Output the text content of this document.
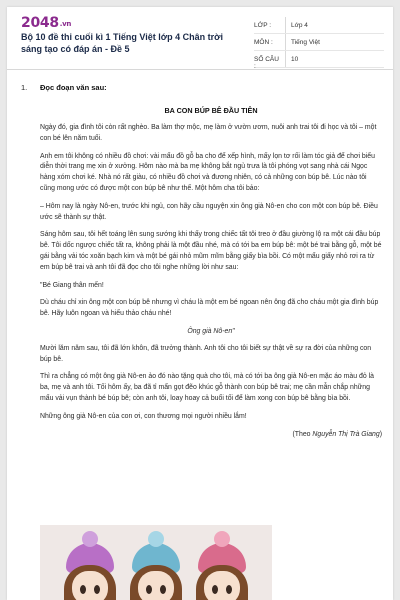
2048.vn
Bộ 10 đề thi cuối kì 1 Tiếng Việt lớp 4 Chân trời sáng tạo có đáp án - Đề 5
LỚP :	Lớp 4
MÔN :	Tiếng Việt
SỐ CÂU :
10
1. Đọc đoạn văn sau:
BA CON BÚP BÊ ĐẦU TIÊN

Ngày đó, gia đình tôi còn rất nghèo. Ba làm thợ mộc, mẹ làm ở vườn ươm, nuôi anh trai tôi đi học và tôi – một con bé lên năm tuổi.

Anh em tôi không có nhiều đồ chơi: vài mẩu đồ gỗ ba cho để xếp hình, mấy lọn tơ rối làm tóc giả để chơi biểu diễn thời trang mẹ xin ở xưởng. Hôm nào mà ba mẹ không bắt ngủ trưa là tôi phóng vọt sang nhà cái Ngọc hàng xóm chơi ké. Nhà nó rất giàu, có nhiều đồ chơi và đương nhiên, có cả những con búp bê. Lúc nào tôi cũng mong ước có được một con búp bê như thế. Một hôm cha tôi bảo:

– Hôm nay là ngày Nô-en, trước khi ngủ, con hãy cầu nguyện xin ông già Nô-en cho con một con búp bê. Điều ước sẽ thành sự thật.

Sáng hôm sau, tôi hết toáng lên sung sướng khi thấy trong chiếc tất tôi treo ở đầu giường lộ ra một cái đầu búp bê. Tôi dốc ngược chiếc tất ra, không phải là một đầu nhé, mà có tới ba em búp bê: một bé trai bằng gỗ, một bé gái bằng vải tóc xoăn bạch kim và một bé gái nhỏ mũm mĩm bằng giấy bìa bồi. Có một mẩu giấy nhỏ rơi ra từ em búp bê trai và anh tôi đã đọc cho tôi nghe những lời như sau:

"Bé Giang thân mến!

Dù cháu chỉ xin ông một con búp bê nhưng vì cháu là một em bé ngoan nên ông đã cho cháu một gia đình búp bê. Hãy luôn ngoan và hiếu thảo cháu nhé!

Ông già Nô-en"

Mười lăm năm sau, tôi đã lớn khôn, đã trưởng thành. Anh tôi cho tôi biết sự thật về sự ra đời của những con búp bê.

Thì ra chẳng có một ông già Nô-en ảo đó nào tặng quà cho tôi, mà có tới ba ông già Nô-en mặc áo màu đỏ là ba, mẹ và anh tôi. Tối hôm ấy, ba đã tỉ mẩn gọt đẽo khúc gỗ thành con búp bê trai; mẹ cần mẫn chắp những mẩu vải vụn thành bé búp bê; còn anh tôi, loay hoay cả buổi tối để làm xong con búp bê bằng bìa bồi.

Những ông già Nô-en của con ơi, con thương mọi người nhiều lắm!

(Theo Nguyễn Thị Trà Giang)
